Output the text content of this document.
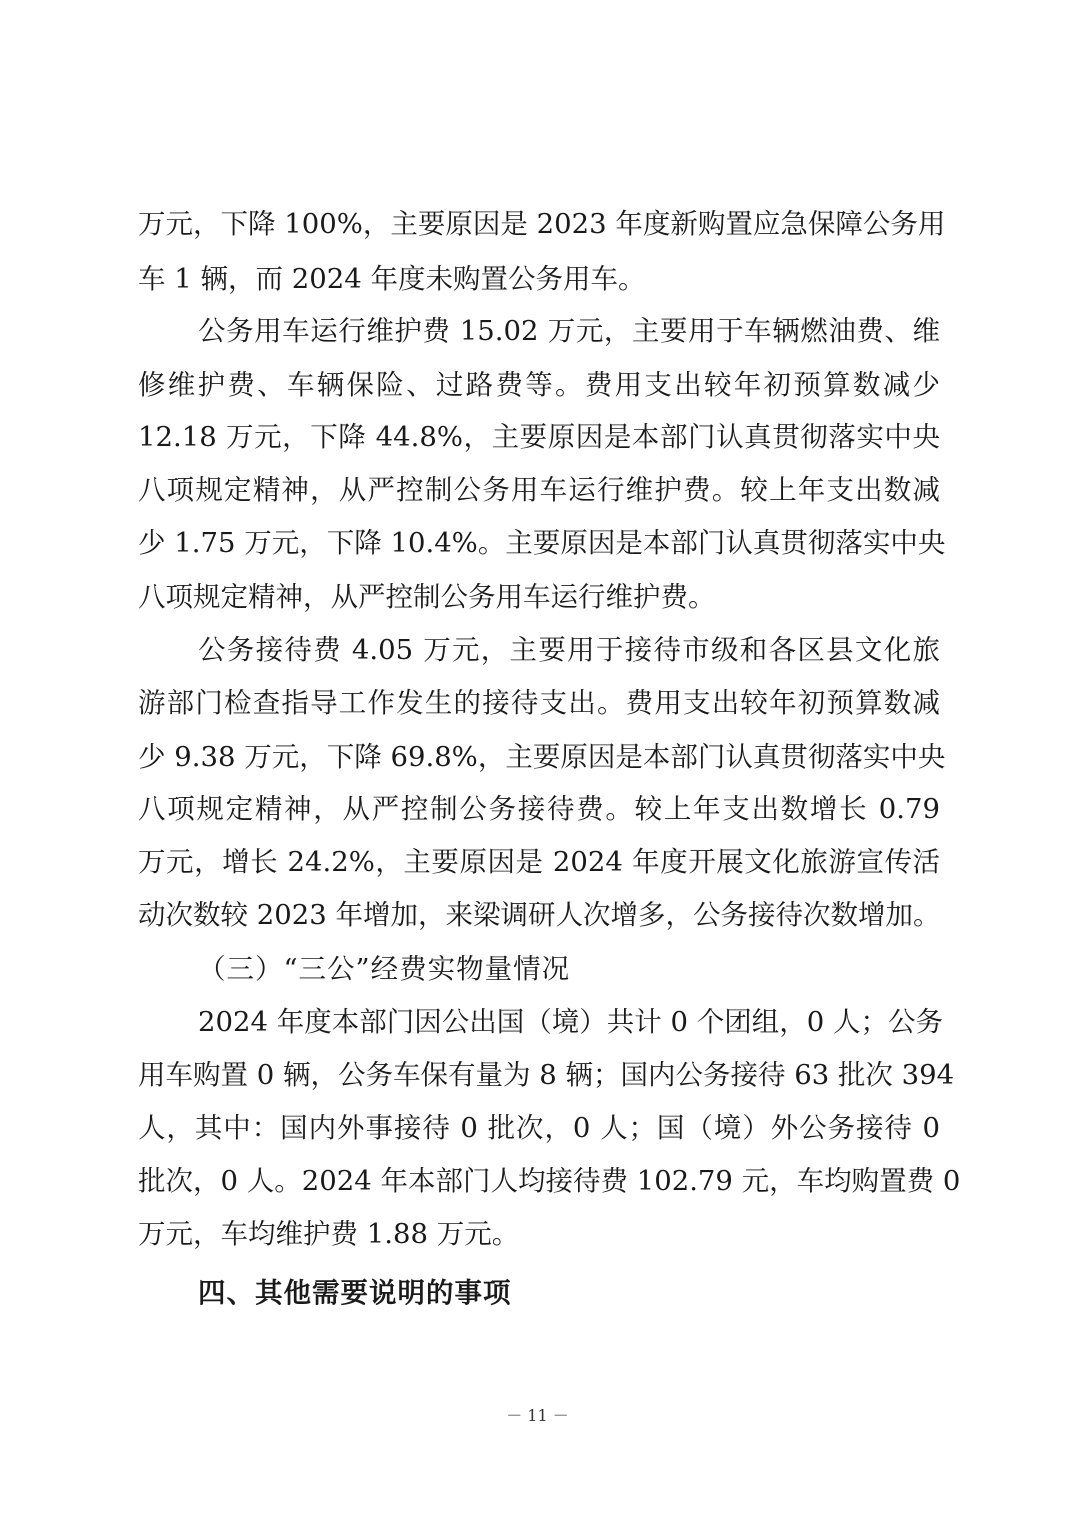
万元，下降 100%，主要原因是 2023 年度新购置应急保障公务用
车 1 辆，而 2024 年度未购置公务用车。
公务用车运行维护费 15.02 万元，主要用于车辆燃油费、维
修维护费、车辆保险、过路费等。费用支出较年初预算数减少
12.18 万元，下降 44.8%，主要原因是本部门认真贯彻落实中央
八项规定精神，从严控制公务用车运行维护费。较上年支出数减
少 1.75 万元，下降 10.4%。主要原因是本部门认真贯彻落实中央
八项规定精神，从严控制公务用车运行维护费。
公务接待费 4.05 万元，主要用于接待市级和各区县文化旅
游部门检查指导工作发生的接待支出。费用支出较年初预算数减
少 9.38 万元，下降 69.8%，主要原因是本部门认真贯彻落实中央
八项规定精神，从严控制公务接待费。较上年支出数增长 0.79
万元，增长 24.2%，主要原因是 2024 年度开展文化旅游宣传活
动次数较 2023 年增加，来梁调研人次增多，公务接待次数增加。
（三）“三公”经费实物量情况
2024 年度本部门因公出国（境）共计 0 个团组，0 人；公务
用车购置 0 辆，公务车保有量为 8 辆；国内公务接待 63 批次 394
人，其中：国内外事接待 0 批次，0 人；国（境）外公务接待 0
批次，0 人。2024 年本部门人均接待费 102.79 元，车均购置费 0
万元，车均维护费 1.88 万元。
四、其他需要说明的事项
－ 11 －
